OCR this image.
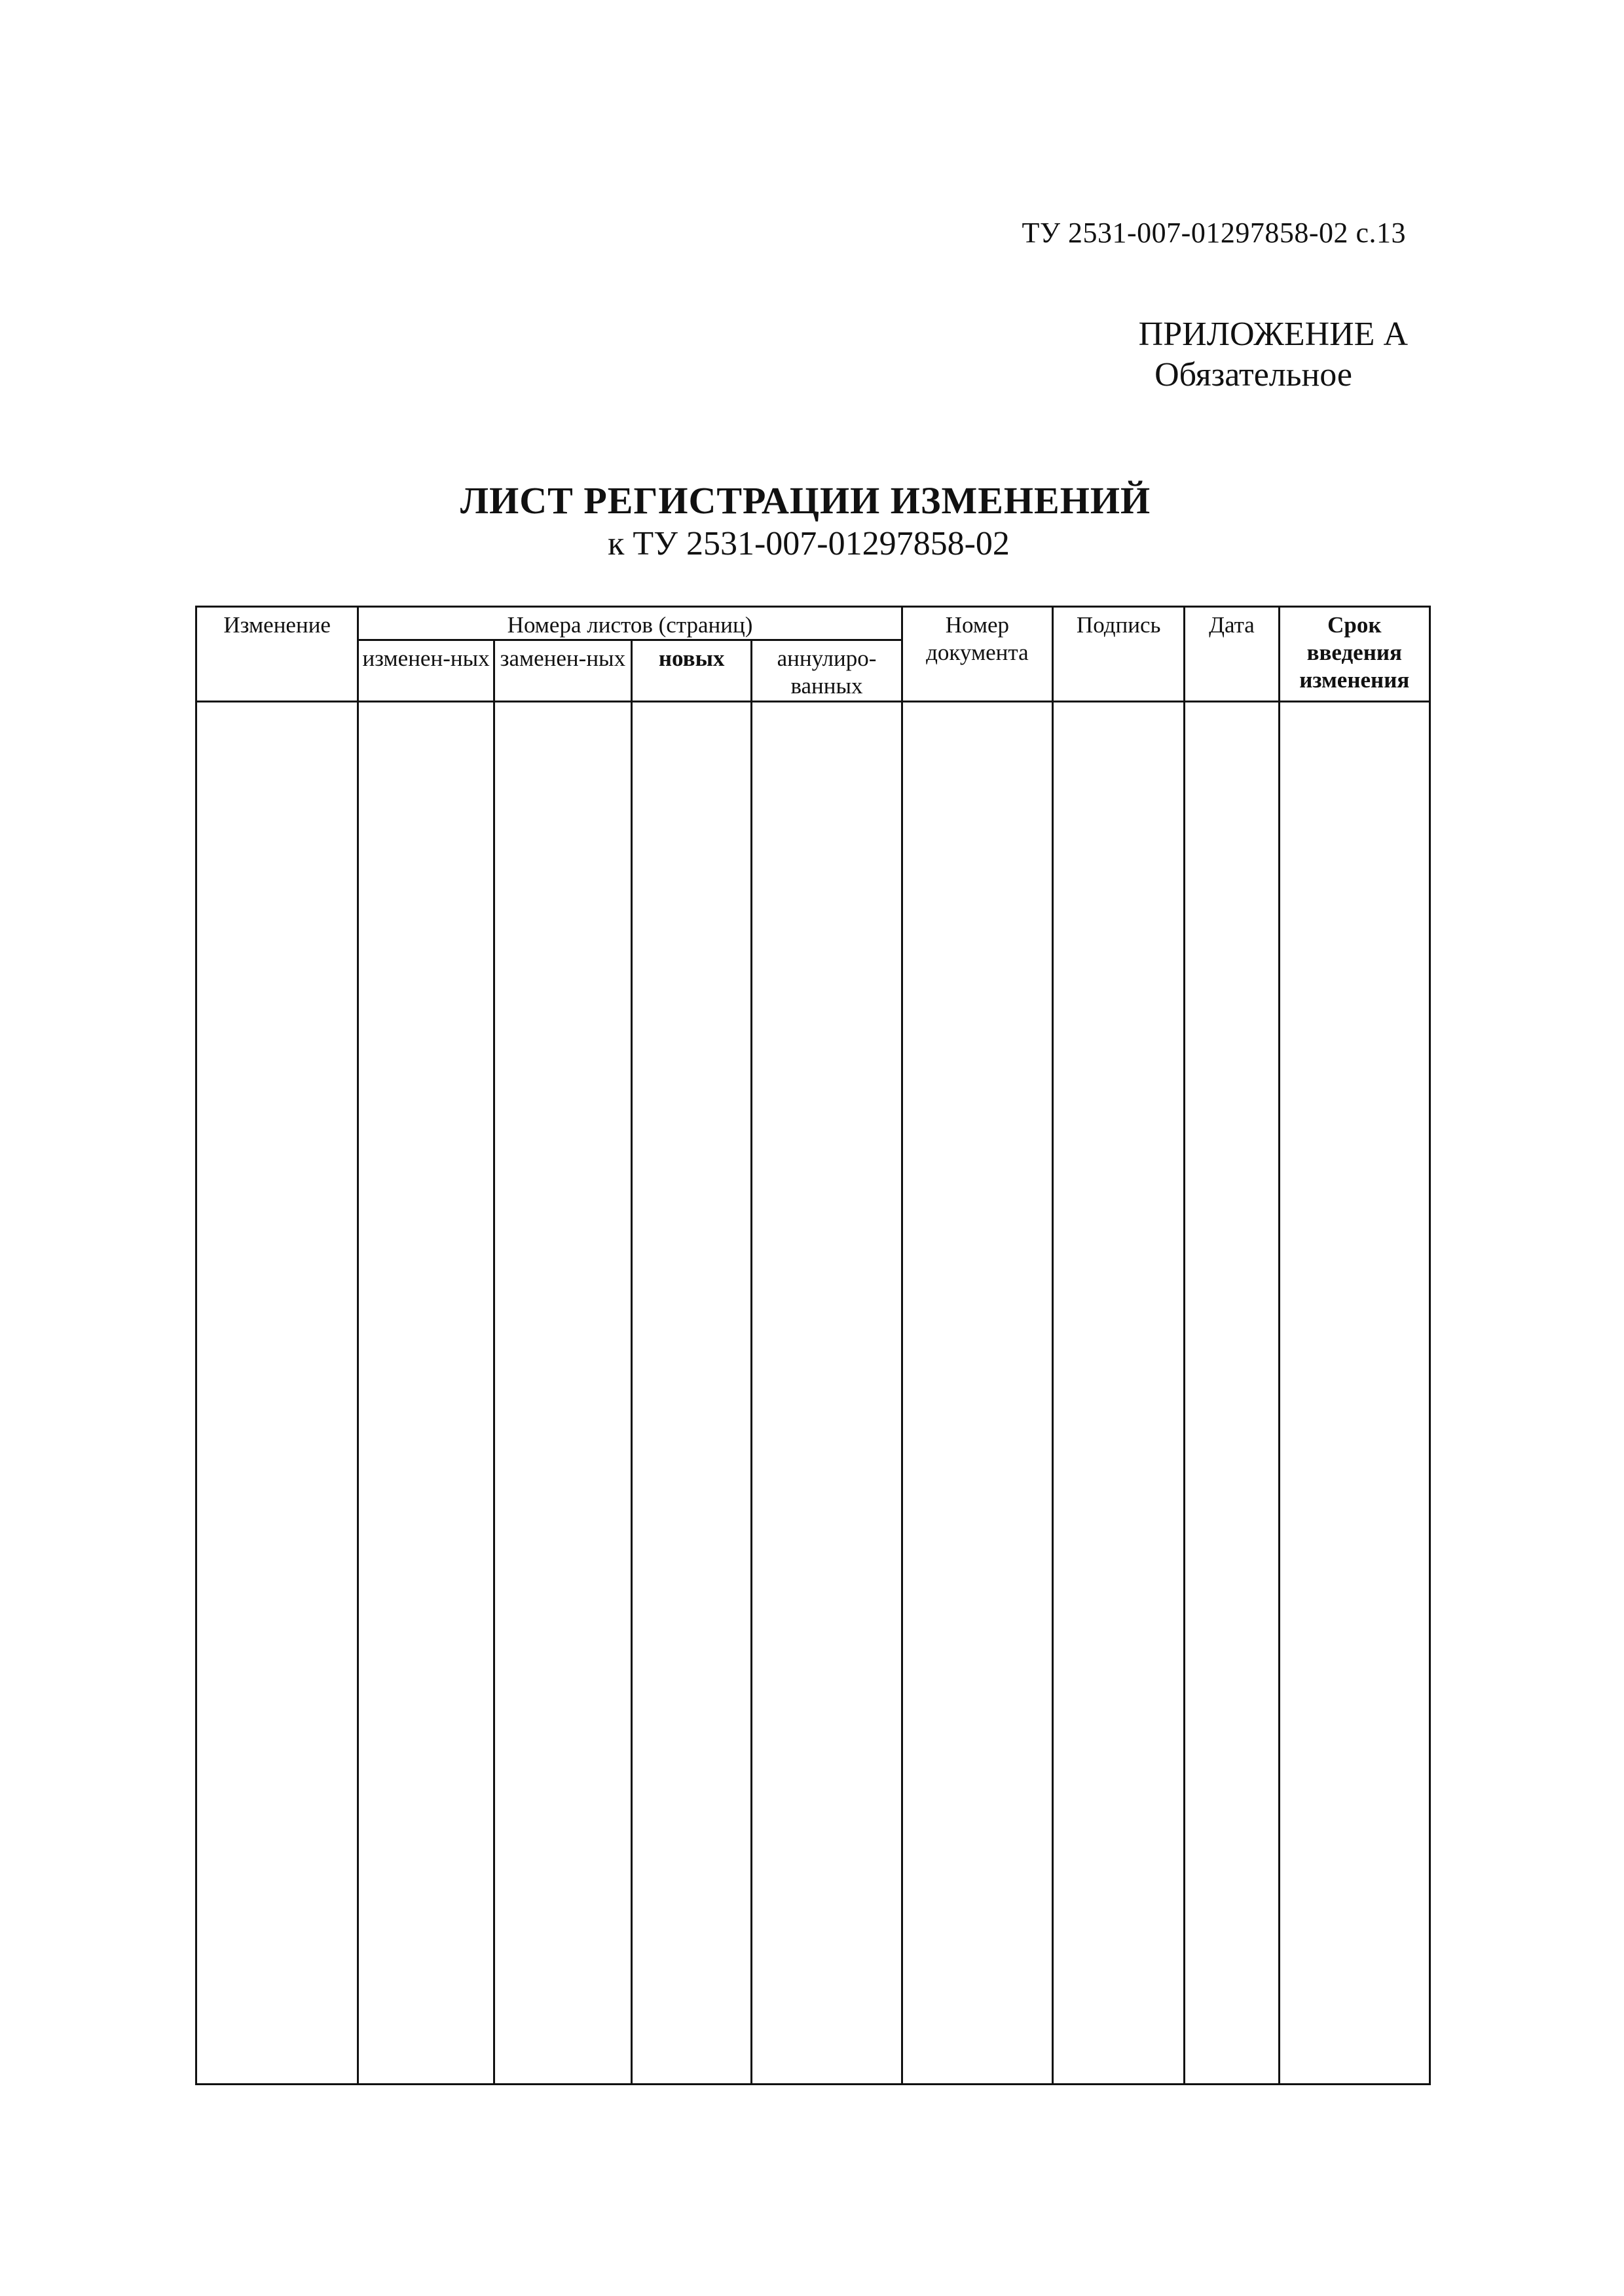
ТУ 2531-007-01297858-02 с.13
ПРИЛОЖЕНИЕ А

Обязательное
ЛИСТ РЕГИСТРАЦИИ ИЗМЕНЕНИЙ
к ТУ 2531-007-01297858-02
Изменение	Номера листов (страниц)				Номер документа	Подпись	Дата	Срок введения изменения
	изменен-ных	заменен-ных	новых	аннулиро-ванных				
